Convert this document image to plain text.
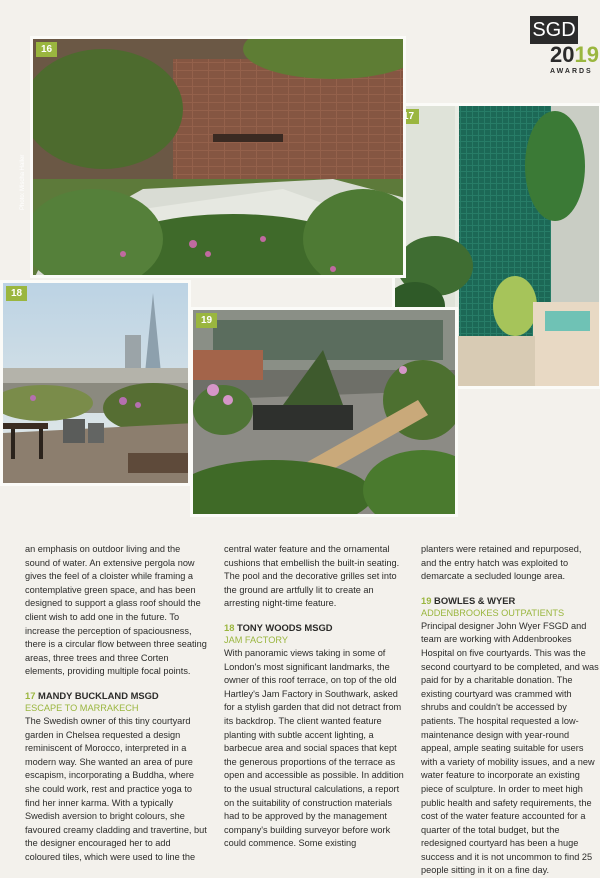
SGD
2019
AWARDS
17
16
Photo: Mischa Haller
18
19

an emphasis on outdoor living and the sound of water. An extensive pergola now gives the feel of a cloister while framing a contemplative green space, and has been designed to support a glass roof should the client wish to add one in the future. To increase the perception of spaciousness, there is a circular flow between three seating areas, three trees and three Corten elements, providing multiple focal points.

17 MANDY BUCKLAND MSGD
ESCAPE TO MARRAKECH

The Swedish owner of this tiny courtyard garden in Chelsea requested a design reminiscent of Morocco, interpreted in a modern way. She wanted an area of pure escapism, incorporating a Buddha, where she could work, rest and practice yoga to find her inner karma. With a typically Swedish aversion to bright colours, she favoured creamy cladding and travertine, but the designer encouraged her to add coloured tiles, which were used to line the

central water feature and the ornamental cushions that embellish the built-in seating. The pool and the decorative grilles set into the ground are artfully lit to create an arresting night-time feature.

18 TONY WOODS MSGD
JAM FACTORY

With panoramic views taking in some of London's most significant landmarks, the owner of this roof terrace, on top of the old Hartley's Jam Factory in Southwark, asked for a stylish garden that did not detract from its backdrop. The client wanted feature planting with subtle accent lighting, a barbecue area and social spaces that kept the generous proportions of the terrace as open and accessible as possible. In addition to the usual structural calculations, a report on the suitability of construction materials had to be approved by the management company's building surveyor before work could commence. Some existing

planters were retained and repurposed, and the entry hatch was exploited to demarcate a secluded lounge area.

19 BOWLES & WYER
ADDENBROOKES OUTPATIENTS

Principal designer John Wyer FSGD and team are working with Addenbrookes Hospital on five courtyards. This was the second courtyard to be completed, and was paid for by a charitable donation. The existing courtyard was crammed with shrubs and couldn't be accessed by patients. The hospital requested a low-maintenance design with year-round appeal, ample seating suitable for users with a variety of mobility issues, and a new water feature to incorporate an existing piece of sculpture. In order to meet high public health and safety requirements, the cost of the water feature accounted for a quarter of the total budget, but the redesigned courtyard has been a huge success and it is not uncommon to find 25 people sitting in it on a fine day.
